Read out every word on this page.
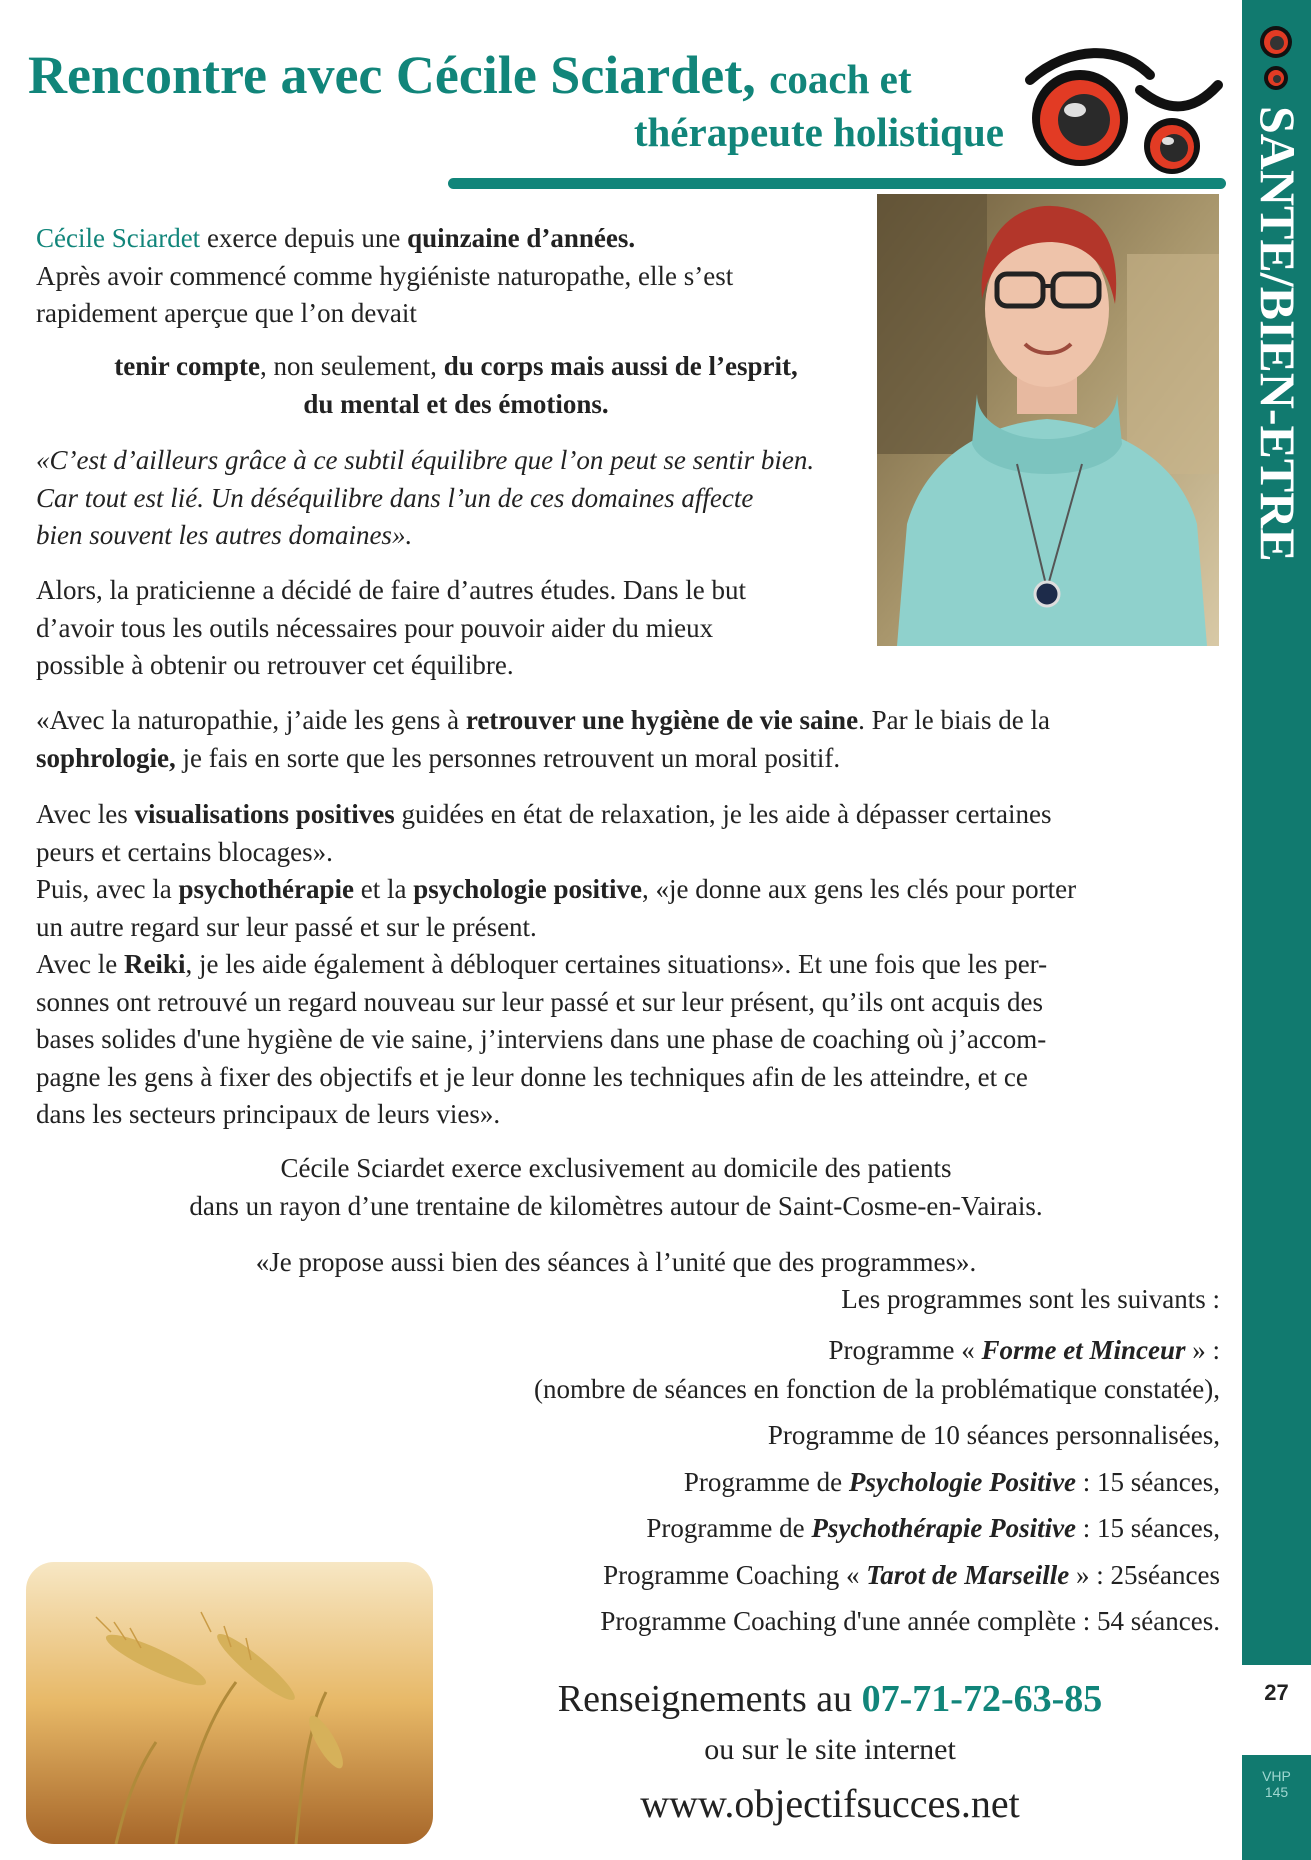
Rencontre avec Cécile Sciardet, coach et
thérapeute holistique	SANTE/BIEN-ETRE
27
VHP
145
Cécile Sciardet exerce depuis une quinzaine d’années.
Après avoir commencé comme hygiéniste naturopathe, elle s’est
rapidement aperçue que l’on devait
tenir compte, non seulement, du corps mais aussi de l’esprit,
du mental et des émotions.
«C’est d’ailleurs grâce à ce subtil équilibre que l’on peut se sentir bien.
Car tout est lié. Un déséquilibre dans l’un de ces domaines affecte
bien souvent les autres domaines».
Alors, la praticienne a décidé de faire d’autres études. Dans le but
d’avoir tous les outils nécessaires pour pouvoir aider du mieux
possible à obtenir ou retrouver cet équilibre.
«Avec la naturopathie, j’aide les gens à retrouver une hygiène de vie saine. Par le biais de la
sophrologie, je fais en sorte que les personnes retrouvent un moral positif.
Avec les visualisations positives guidées en état de relaxation, je les aide à dépasser certaines
peurs et certains blocages».
Puis, avec la psychothérapie et la psychologie positive, «je donne aux gens les clés pour porter
un autre regard sur leur passé et sur le présent.
Avec le Reiki, je les aide également à débloquer certaines situations». Et une fois que les per-
sonnes ont retrouvé un regard nouveau sur leur passé et sur leur présent, qu’ils ont acquis des
bases solides d'une hygiène de vie saine, j’interviens dans une phase de coaching où j’accom-
pagne les gens à fixer des objectifs et je leur donne les techniques afin de les atteindre, et ce
dans les secteurs principaux de leurs vies».
Cécile Sciardet exerce exclusivement au domicile des patients
dans un rayon d’une trentaine de kilomètres autour de Saint-Cosme-en-Vairais.
«Je propose aussi bien des séances à l’unité que des programmes».
Les programmes sont les suivants :
Programme « Forme et Minceur » :
(nombre de séances en fonction de la problématique constatée),
Programme de 10 séances personnalisées,
Programme de Psychologie Positive : 15 séances,
Programme de Psychothérapie Positive : 15 séances,
Programme Coaching « Tarot de Marseille » : 25séances
Programme Coaching d'une année complète : 54 séances.
Renseignements au 07-71-72-63-85
ou sur le site internet
www.objectifsucces.net
